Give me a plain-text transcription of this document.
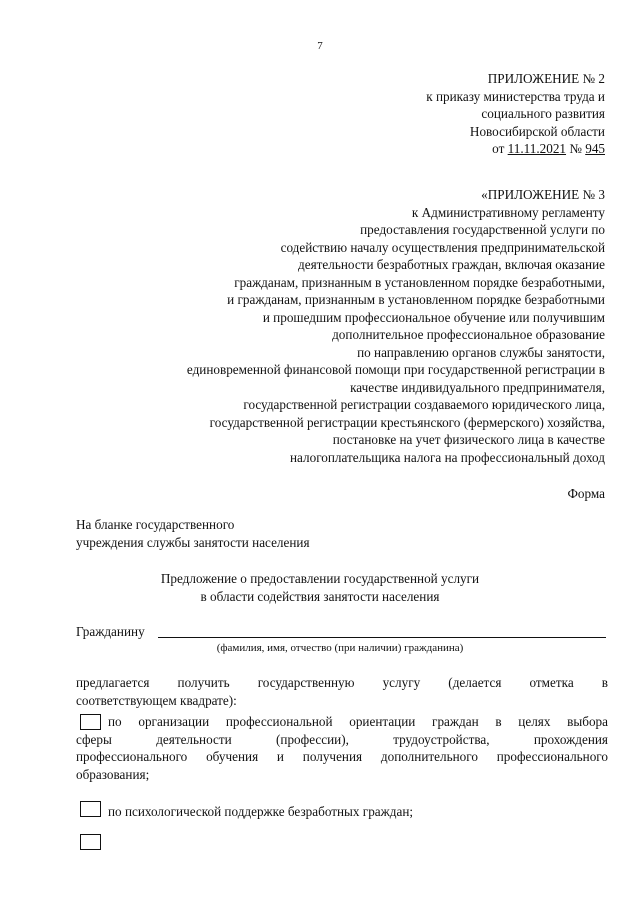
7
ПРИЛОЖЕНИЕ № 2
к приказу министерства труда и
социального развития
Новосибирской области
от 11.11.2021 № 945
«ПРИЛОЖЕНИЕ № 3
к Административному регламенту
предоставления государственной услуги по
содействию началу осуществления предпринимательской
деятельности безработных граждан, включая оказание
гражданам, признанным в установленном порядке безработными,
и гражданам, признанным в установленном порядке безработными
и прошедшим профессиональное обучение или получившим
дополнительное профессиональное образование
по направлению органов службы занятости,
единовременной финансовой помощи при государственной регистрации в
качестве индивидуального предпринимателя,
государственной регистрации создаваемого юридического лица,
государственной регистрации крестьянского (фермерского) хозяйства,
постановке на учет физического лица в качестве
налогоплательщика налога на профессиональный доход
Форма
На бланке государственного
учреждения службы занятости населения
Предложение о предоставлении государственной услуги
в области содействия занятости населения
Гражданину
(фамилия, имя, отчество (при наличии) гражданина)
предлагается получить государственную услугу (делается отметка в
соответствующем квадрате):
по организации профессиональной ориентации граждан в целях выбора
сферы деятельности (профессии), трудоустройства, прохождения
профессионального обучения и получения дополнительного профессионального
образования;
по психологической поддержке безработных граждан;
